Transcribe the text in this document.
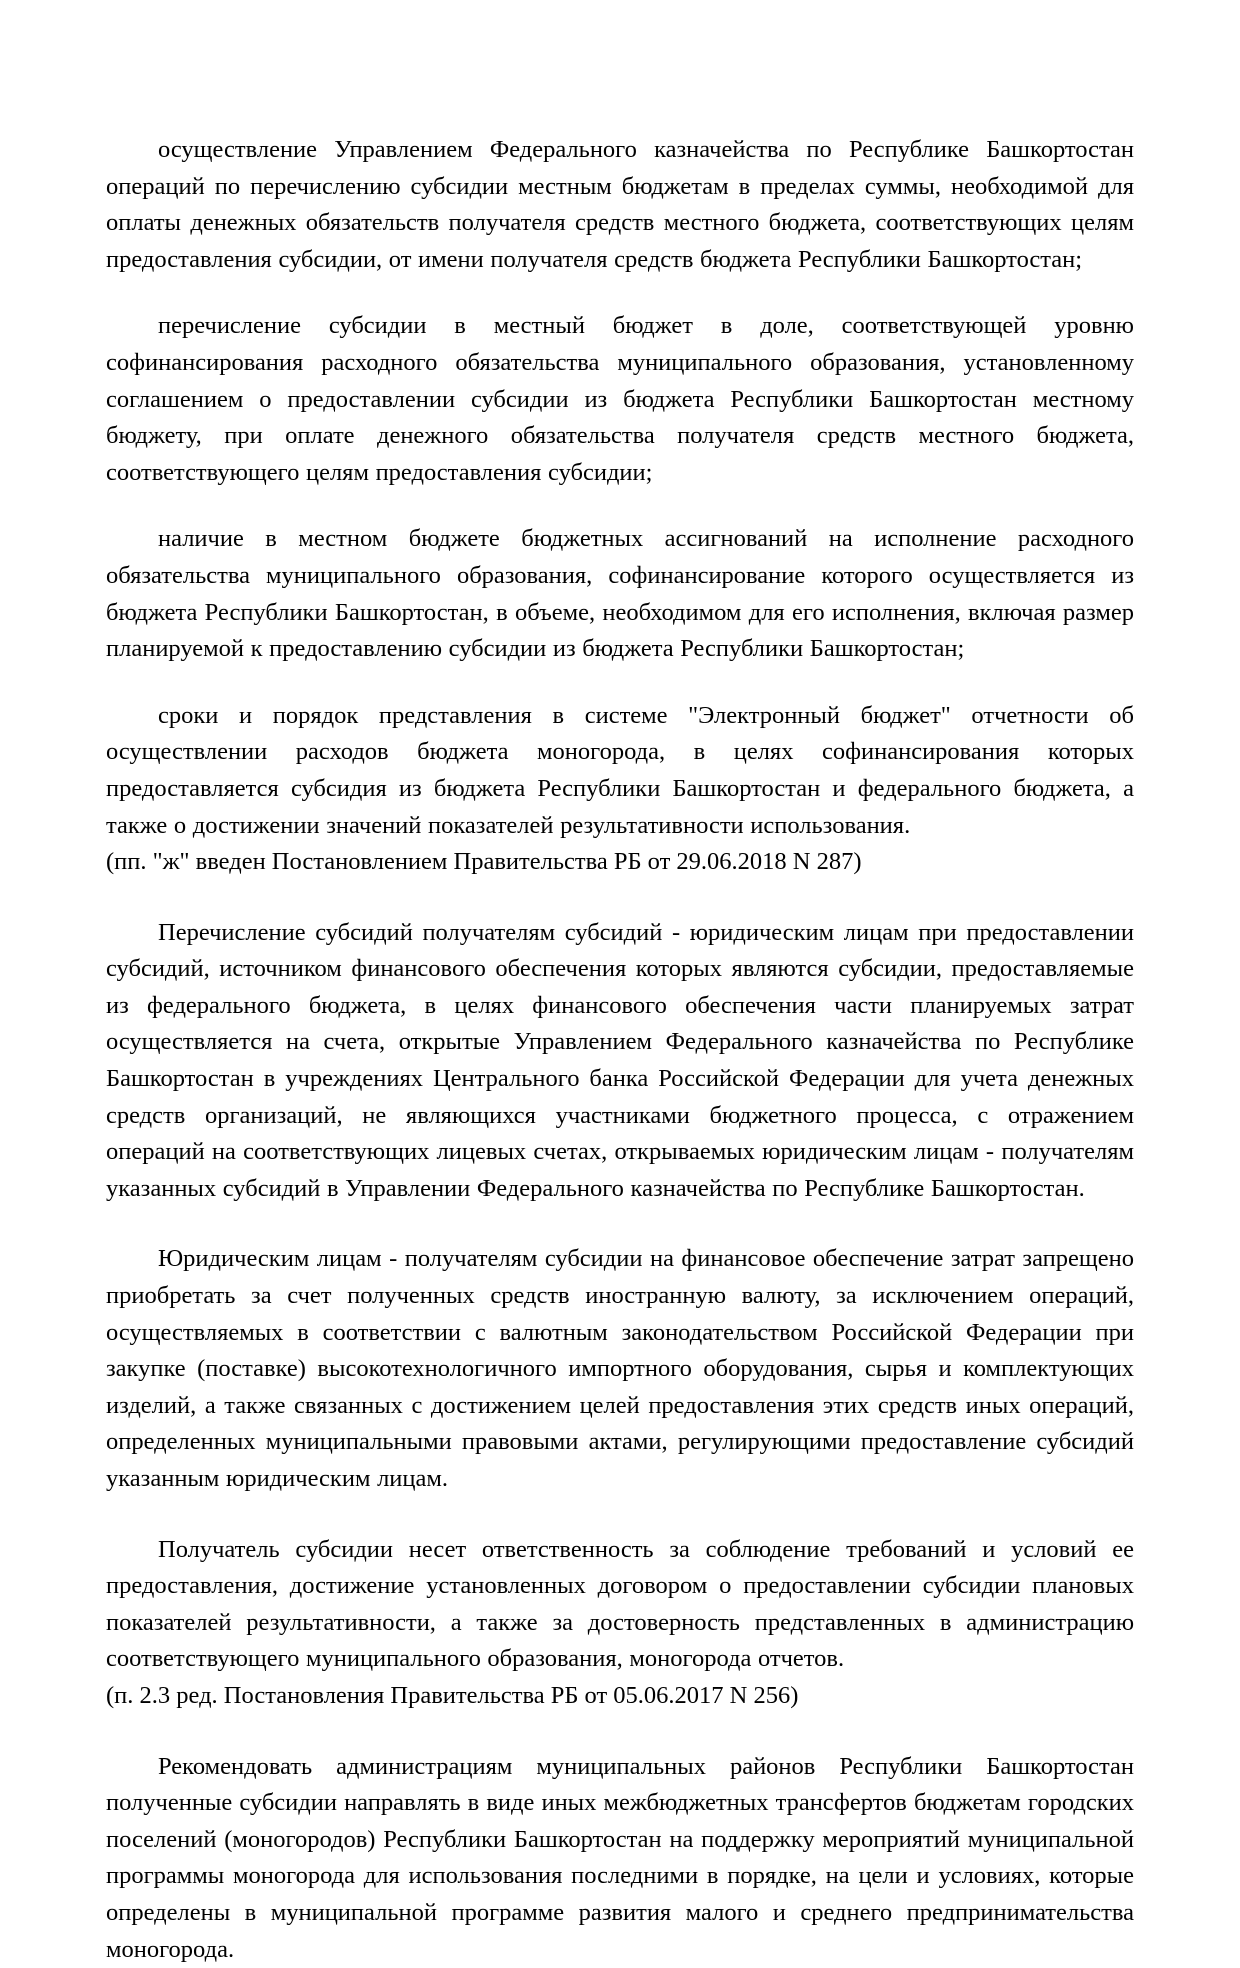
осуществление Управлением Федерального казначейства по Республике Башкортостан операций по перечислению субсидии местным бюджетам в пределах суммы, необходимой для оплаты денежных обязательств получателя средств местного бюджета, соответствующих целям предоставления субсидии, от имени получателя средств бюджета Республики Башкортостан;

перечисление субсидии в местный бюджет в доле, соответствующей уровню софинансирования расходного обязательства муниципального образования, установленному соглашением о предоставлении субсидии из бюджета Республики Башкортостан местному бюджету, при оплате денежного обязательства получателя средств местного бюджета, соответствующего целям предоставления субсидии;

наличие в местном бюджете бюджетных ассигнований на исполнение расходного обязательства муниципального образования, софинансирование которого осуществляется из бюджета Республики Башкортостан, в объеме, необходимом для его исполнения, включая размер планируемой к предоставлению субсидии из бюджета Республики Башкортостан;

сроки и порядок представления в системе "Электронный бюджет" отчетности об осуществлении расходов бюджета моногорода, в целях софинансирования которых предоставляется субсидия из бюджета Республики Башкортостан и федерального бюджета, а также о достижении значений показателей результативности использования.

(пп. "ж" введен Постановлением Правительства РБ от 29.06.2018 N 287)

Перечисление субсидий получателям субсидий - юридическим лицам при предоставлении субсидий, источником финансового обеспечения которых являются субсидии, предоставляемые из федерального бюджета, в целях финансового обеспечения части планируемых затрат осуществляется на счета, открытые Управлением Федерального казначейства по Республике Башкортостан в учреждениях Центрального банка Российской Федерации для учета денежных средств организаций, не являющихся участниками бюджетного процесса, с отражением операций на соответствующих лицевых счетах, открываемых юридическим лицам - получателям указанных субсидий в Управлении Федерального казначейства по Республике Башкортостан.

Юридическим лицам - получателям субсидии на финансовое обеспечение затрат запрещено приобретать за счет полученных средств иностранную валюту, за исключением операций, осуществляемых в соответствии с валютным законодательством Российской Федерации при закупке (поставке) высокотехнологичного импортного оборудования, сырья и комплектующих изделий, а также связанных с достижением целей предоставления этих средств иных операций, определенных муниципальными правовыми актами, регулирующими предоставление субсидий указанным юридическим лицам.

Получатель субсидии несет ответственность за соблюдение требований и условий ее предоставления, достижение установленных договором о предоставлении субсидии плановых показателей результативности, а также за достоверность представленных в администрацию соответствующего муниципального образования, моногорода отчетов.

(п. 2.3 ред. Постановления Правительства РБ от 05.06.2017 N 256)

Рекомендовать администрациям муниципальных районов Республики Башкортостан полученные субсидии направлять в виде иных межбюджетных трансфертов бюджетам городских поселений (моногородов) Республики Башкортостан на поддержку мероприятий муниципальной программы моногорода для использования последними в порядке, на цели и условиях, которые определены в муниципальной программе развития малого и среднего предпринимательства моногорода.
